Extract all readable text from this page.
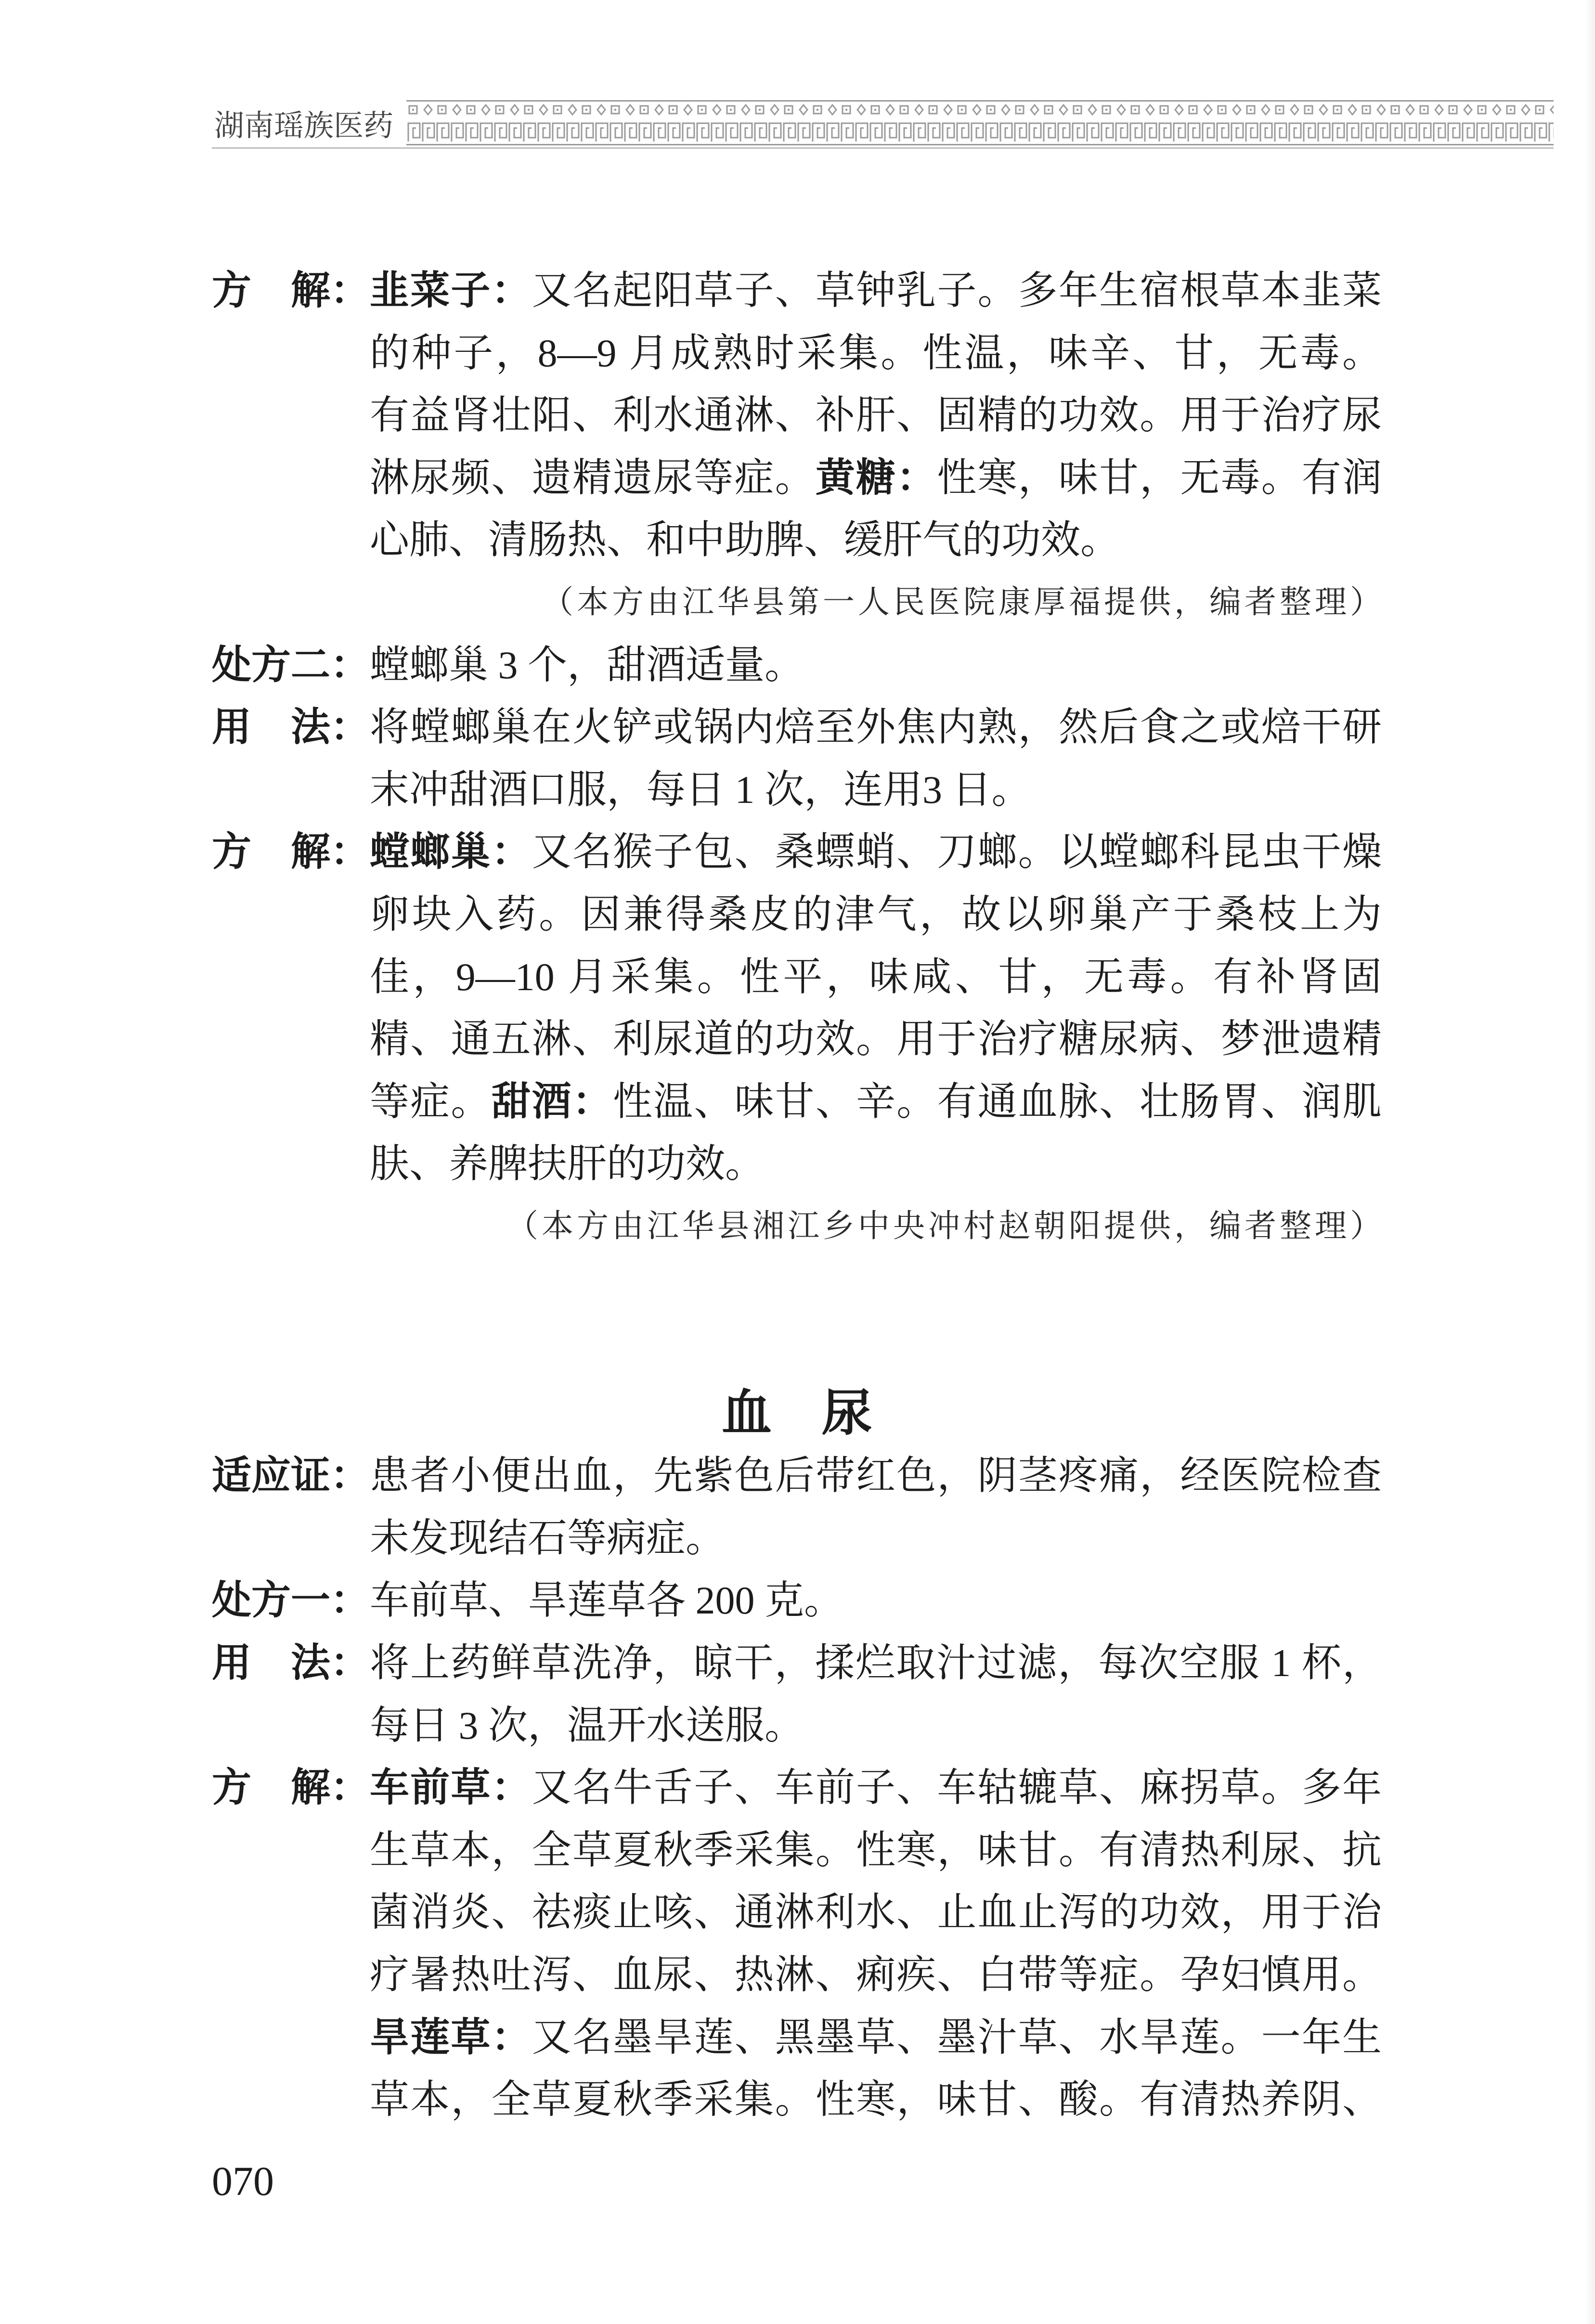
湖南瑶族医药
方　解： 韭菜子：又名起阳草子、草钟乳子。多年生宿根草本韭菜
的种子，8—9 月成熟时采集。性温，味辛、甘，无毒。
有益肾壮阳、利水通淋、补肝、固精的功效。用于治疗尿
淋尿频、遗精遗尿等症。黄糖：性寒，味甘，无毒。有润
心肺、清肠热、和中助脾、缓肝气的功效。
（本方由江华县第一人民医院康厚福提供，编者整理）
处方二： 螳螂巢 3 个，甜酒适量。
用　法： 将螳螂巢在火铲或锅内焙至外焦内熟，然后食之或焙干研
末冲甜酒口服，每日 1 次，连用3 日。
方　解： 螳螂巢：又名猴子包、桑螵蛸、刀螂。以螳螂科昆虫干燥
卵块入药。因兼得桑皮的津气，故以卵巢产于桑枝上为
佳，9—10 月采集。性平，味咸、甘，无毒。有补肾固
精、通五淋、利尿道的功效。用于治疗糖尿病、梦泄遗精
等症。甜酒：性温、味甘、辛。有通血脉、壮肠胃、润肌
肤、养脾扶肝的功效。
（本方由江华县湘江乡中央冲村赵朝阳提供，编者整理）
血　尿
适应证： 患者小便出血，先紫色后带红色，阴茎疼痛，经医院检查
未发现结石等病症。
处方一： 车前草、旱莲草各 200 克。
用　法： 将上药鲜草洗净，晾干，揉烂取汁过滤，每次空服 1 杯，
每日 3 次，温开水送服。
方　解： 车前草：又名牛舌子、车前子、车轱辘草、麻拐草。多年
生草本，全草夏秋季采集。性寒，味甘。有清热利尿、抗
菌消炎、祛痰止咳、通淋利水、止血止泻的功效，用于治
疗暑热吐泻、血尿、热淋、痢疾、白带等症。孕妇慎用。
旱莲草：又名墨旱莲、黑墨草、墨汁草、水旱莲。一年生
草本，全草夏秋季采集。性寒，味甘、酸。有清热养阴、
070
